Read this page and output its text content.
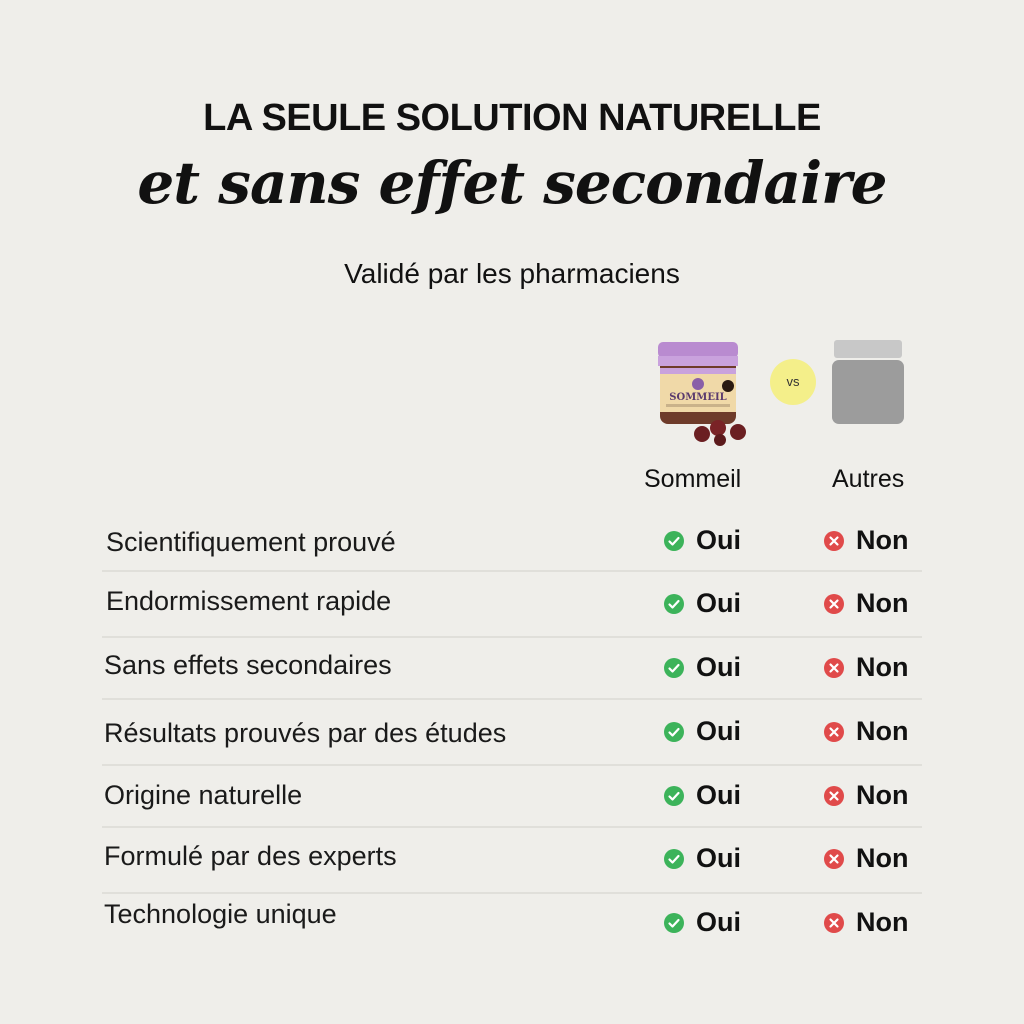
LA SEULE SOLUTION NATURELLE
et sans effet secondaire
Validé par les pharmaciens
SOMMEIL
vs
Sommeil	Autres
Scientifiquement prouvé	Oui	Non
Endormissement rapide	Oui	Non
Sans effets secondaires	Oui	Non
Résultats prouvés par des études	Oui	Non
Origine naturelle	Oui	Non
Formulé par des experts	Oui	Non
Technologie unique	Oui	Non
